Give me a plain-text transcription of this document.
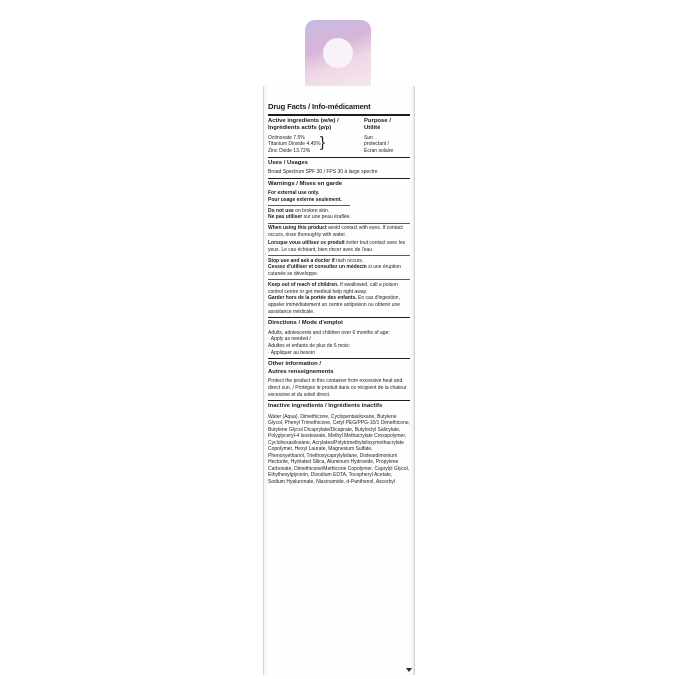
Drug Facts / Info-médicament
Active ingredients (w/w) /
Ingrédients actifs (p/p)
Purpose /
Utilité
Octinoxate 7.5%
Titanium Dioxide 4.45%
Zinc Oxide 13.72%
}	Sun
protectant /
Écran solaire
Uses / Usages
Broad Spectrum SPF 30 / FPS 30 à large spectre
Warnings / Mises en garde
For external use only.
Pour usage externe seulement.
Do not use on broken skin.
Ne pas utiliser sur une peau éraflée.
When using this product avoid contact with eyes. If contact occurs, rinse thoroughly with water.
Lorsque vous utilisez ce produit éviter tout contact avec les yeux. Le cas échéant, bien rincer avec de l'eau
Stop use and ask a doctor if rash occurs.
Cessez d'utiliser et consultez un médecin si une éruption cutanée se développe.
Keep out of reach of children. If swallowed, call a poison control centre or get medical help right away.
Garder hors de la portée des enfants. En cas d'ingestion, appeler immédiatement un centre antipoison ou obtenir une assistance médicale.
Directions / Mode d'emploi
Adults, adolescents and children over 6 months of age:
· Apply as needed /
Adultes et enfants de plus de 6 mois:
· Appliquer au besoin
Other information /
Autres renseignements
Protect the product in this container from excessive heat and direct sun. / Protégez le produit dans ce récipient de la chaleur excessive et du soleil direct.
Inactive ingredients / Ingrédients inactifs
Water (Aqua), Dimethicone, Cyclopentasiloxane, Butylene Glycol, Phenyl Trimethicone, Cetyl PEG/PPG-10/1 Dimethicone, Butylene Glycol Dicaprylate/Dicaprate, Butyloctyl Salicylate, Polyglyceryl-4 Isostearate, Methyl Methacrylate Crosspolymer, Cyclohexasiloxane, Acrylates/Polytrimethylsiloxymethacrylate Copolymer, Hexyl Laurate, Magnesium Sulfate, Phenoxyethanol, Triethoxycaprylylsilane, Disteardimonium Hectorite, Hydrated Silica, Aluminum Hydroxide, Propylene Carbonate, Dimethicone/Methicone Copolymer, Caprylyl Glycol, Ethylhexylglycerin, Disodium EDTA, Tocopheryl Acetate, Sodium Hyaluronate, Niacinamide, d-Panthenol, Ascorbyl
